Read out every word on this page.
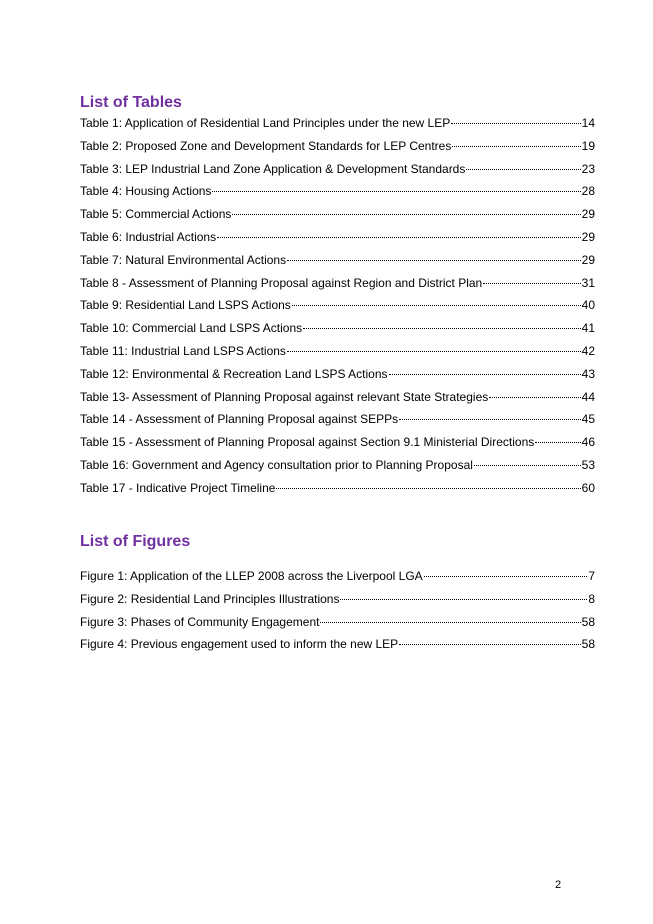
List of Tables
Table 1: Application of Residential Land Principles under the new LEP	14
Table 2: Proposed Zone and Development Standards for LEP Centres	19
Table 3: LEP Industrial Land Zone Application & Development Standards	23
Table 4: Housing Actions	28
Table 5: Commercial Actions	29
Table 6: Industrial Actions	29
Table 7: Natural Environmental Actions	29
Table 8 - Assessment of Planning Proposal against Region and District Plan	31
Table 9: Residential Land LSPS Actions	40
Table 10: Commercial Land LSPS Actions	41
Table 11: Industrial Land LSPS Actions	42
Table 12: Environmental & Recreation Land LSPS Actions	43
Table 13- Assessment of Planning Proposal against relevant State Strategies	44
Table 14 - Assessment of Planning Proposal against SEPPs	45
Table 15 - Assessment of Planning Proposal against Section 9.1 Ministerial Directions	46
Table 16: Government and Agency consultation prior to Planning Proposal	53
Table 17 - Indicative Project Timeline	60
List of Figures
Figure 1: Application of the LLEP 2008 across the Liverpool LGA	7
Figure 2: Residential Land Principles Illustrations	8
Figure 3: Phases of Community Engagement	58
Figure 4: Previous engagement used to inform the new LEP	58
2
